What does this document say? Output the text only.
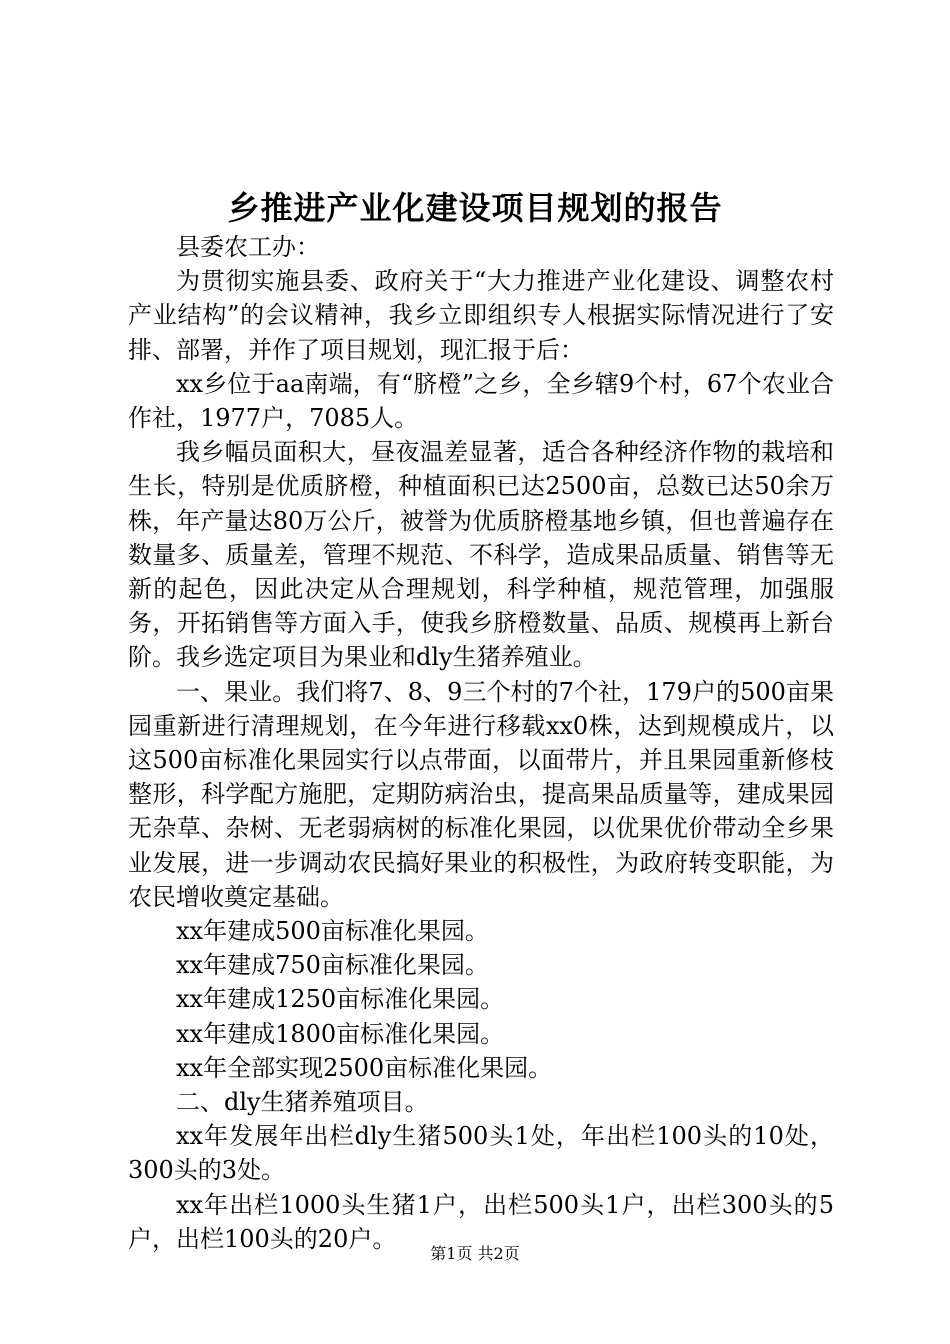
乡推进产业化建设项目规划的报告

县委农工办：

为贯彻实施县委、政府关于“大力推进产业化建设、调整农村产业结构”的会议精神，我乡立即组织专人根据实际情况进行了安排、部署，并作了项目规划，现汇报于后：

xx乡位于aa南端，有“脐橙”之乡，全乡辖9个村，67个农业合作社，1977户，7085人。

我乡幅员面积大，昼夜温差显著，适合各种经济作物的栽培和生长，特别是优质脐橙，种植面积已达2500亩，总数已达50余万株，年产量达80万公斤，被誉为优质脐橙基地乡镇，但也普遍存在数量多、质量差，管理不规范、不科学，造成果品质量、销售等无新的起色，因此决定从合理规划，科学种植，规范管理，加强服务，开拓销售等方面入手，使我乡脐橙数量、品质、规模再上新台阶。我乡选定项目为果业和dly生猪养殖业。

一、果业。我们将7、8、9三个村的7个社，179户的500亩果园重新进行清理规划，在今年进行移载xx0株，达到规模成片，以这500亩标准化果园实行以点带面，以面带片，并且果园重新修枝整形，科学配方施肥，定期防病治虫，提高果品质量等，建成果园无杂草、杂树、无老弱病树的标准化果园，以优果优价带动全乡果业发展，进一步调动农民搞好果业的积极性，为政府转变职能，为农民增收奠定基础。

xx年建成500亩标准化果园。

xx年建成750亩标准化果园。

xx年建成1250亩标准化果园。

xx年建成1800亩标准化果园。

xx年全部实现2500亩标准化果园。

二、dly生猪养殖项目。

xx年发展年出栏dly生猪500头1处，年出栏100头的10处，300头的3处。

xx年出栏1000头生猪1户，出栏500头1户，出栏300头的5户，出栏100头的20户。

第1页 共2页
